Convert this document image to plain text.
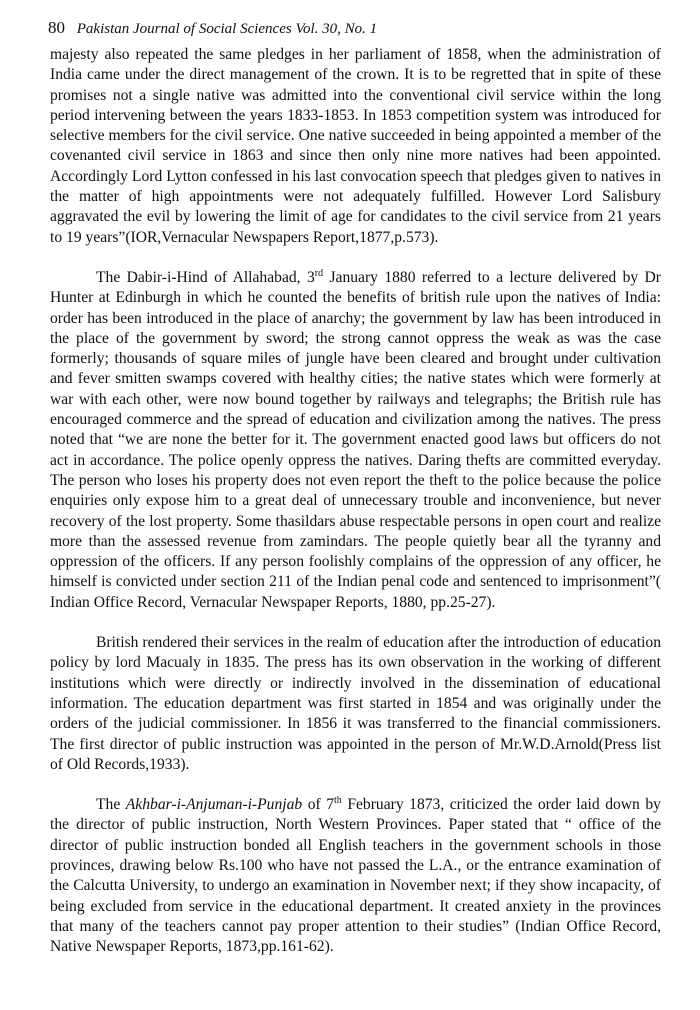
80 Pakistan Journal of Social Sciences Vol. 30, No. 1

majesty also repeated the same pledges in her parliament of 1858, when the administration of India came under the direct management of the crown. It is to be regretted that in spite of these promises not a single native was admitted into the conventional civil service within the long period intervening between the years 1833-1853. In 1853 competition system was introduced for selective members for the civil service. One native succeeded in being appointed a member of the covenanted civil service in 1863 and since then only nine more natives had been appointed. Accordingly Lord Lytton confessed in his last convocation speech that pledges given to natives in the matter of high appointments were not adequately fulfilled. However Lord Salisbury aggravated the evil by lowering the limit of age for candidates to the civil service from 21 years to 19 years”(IOR,Vernacular Newspapers Report,1877,p.573).

The Dabir-i-Hind of Allahabad, 3rd January 1880 referred to a lecture delivered by Dr Hunter at Edinburgh in which he counted the benefits of british rule upon the natives of India: order has been introduced in the place of anarchy; the government by law has been introduced in the place of the government by sword; the strong cannot oppress the weak as was the case formerly; thousands of square miles of jungle have been cleared and brought under cultivation and fever smitten swamps covered with healthy cities; the native states which were formerly at war with each other, were now bound together by railways and telegraphs; the British rule has encouraged commerce and the spread of education and civilization among the natives. The press noted that “we are none the better for it. The government enacted good laws but officers do not act in accordance. The police openly oppress the natives. Daring thefts are committed everyday. The person who loses his property does not even report the theft to the police because the police enquiries only expose him to a great deal of unnecessary trouble and inconvenience, but never recovery of the lost property. Some thasildars abuse respectable persons in open court and realize more than the assessed revenue from zamindars. The people quietly bear all the tyranny and oppression of the officers. If any person foolishly complains of the oppression of any officer, he himself is convicted under section 211 of the Indian penal code and sentenced to imprisonment”( Indian Office Record, Vernacular Newspaper Reports, 1880, pp.25-27).

British rendered their services in the realm of education after the introduction of education policy by lord Macualy in 1835. The press has its own observation in the working of different institutions which were directly or indirectly involved in the dissemination of educational information. The education department was first started in 1854 and was originally under the orders of the judicial commissioner. In 1856 it was transferred to the financial commissioners. The first director of public instruction was appointed in the person of Mr.W.D.Arnold(Press list of Old Records,1933).

The Akhbar-i-Anjuman-i-Punjab of 7th February 1873, criticized the order laid down by the director of public instruction, North Western Provinces. Paper stated that “ office of the director of public instruction bonded all English teachers in the government schools in those provinces, drawing below Rs.100 who have not passed the L.A., or the entrance examination of the Calcutta University, to undergo an examination in November next; if they show incapacity, of being excluded from service in the educational department. It created anxiety in the provinces that many of the teachers cannot pay proper attention to their studies” (Indian Office Record, Native Newspaper Reports, 1873,pp.161-62).
